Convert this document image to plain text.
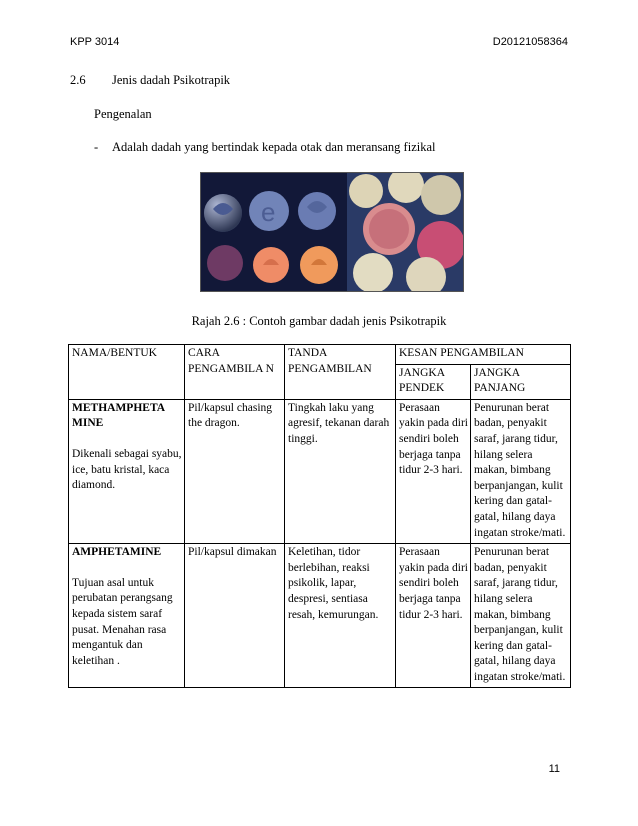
KPP 3014	D20121058364
2.6 Jenis dadah Psikotrapik
Pengenalan
- Adalah dadah yang bertindak kepada otak dan meransang fizikal
e
Rajah 2.6 : Contoh gambar dadah jenis Psikotrapik
NAMA/BENTUK	CARA PENGAMBILA N	TANDA PENGAMBILAN	KESAN PENGAMBILAN	
			JANGKA PENDEK	JANGKA PANJANG

METHAMPHETA MINE
Dikenali sebagai syabu, ice, batu kristal, kaca diamond.	Pil/kapsul chasing the dragon.	Tingkah laku yang agresif, tekanan darah tinggi.	Perasaan yakin pada diri sendiri boleh berjaga tanpa tidur 2-3 hari.	Penurunan berat badan, penyakit saraf, jarang tidur, hilang selera makan, bimbang berpanjangan, kulit kering dan gatal-gatal, hilang daya ingatan stroke/mati.

AMPHETAMINE
Tujuan asal untuk perubatan perangsang kepada sistem saraf pusat. Menahan rasa mengantuk dan keletihan .	Pil/kapsul dimakan	Keletihan, tidor berlebihan, reaksi psikolik, lapar, despresi, sentiasa resah, kemurungan.	Perasaan yakin pada diri sendiri boleh berjaga tanpa tidur 2-3 hari.	Penurunan berat badan, penyakit saraf, jarang tidur, hilang selera makan, bimbang berpanjangan, kulit kering dan gatal-gatal, hilang daya ingatan stroke/mati.
11
